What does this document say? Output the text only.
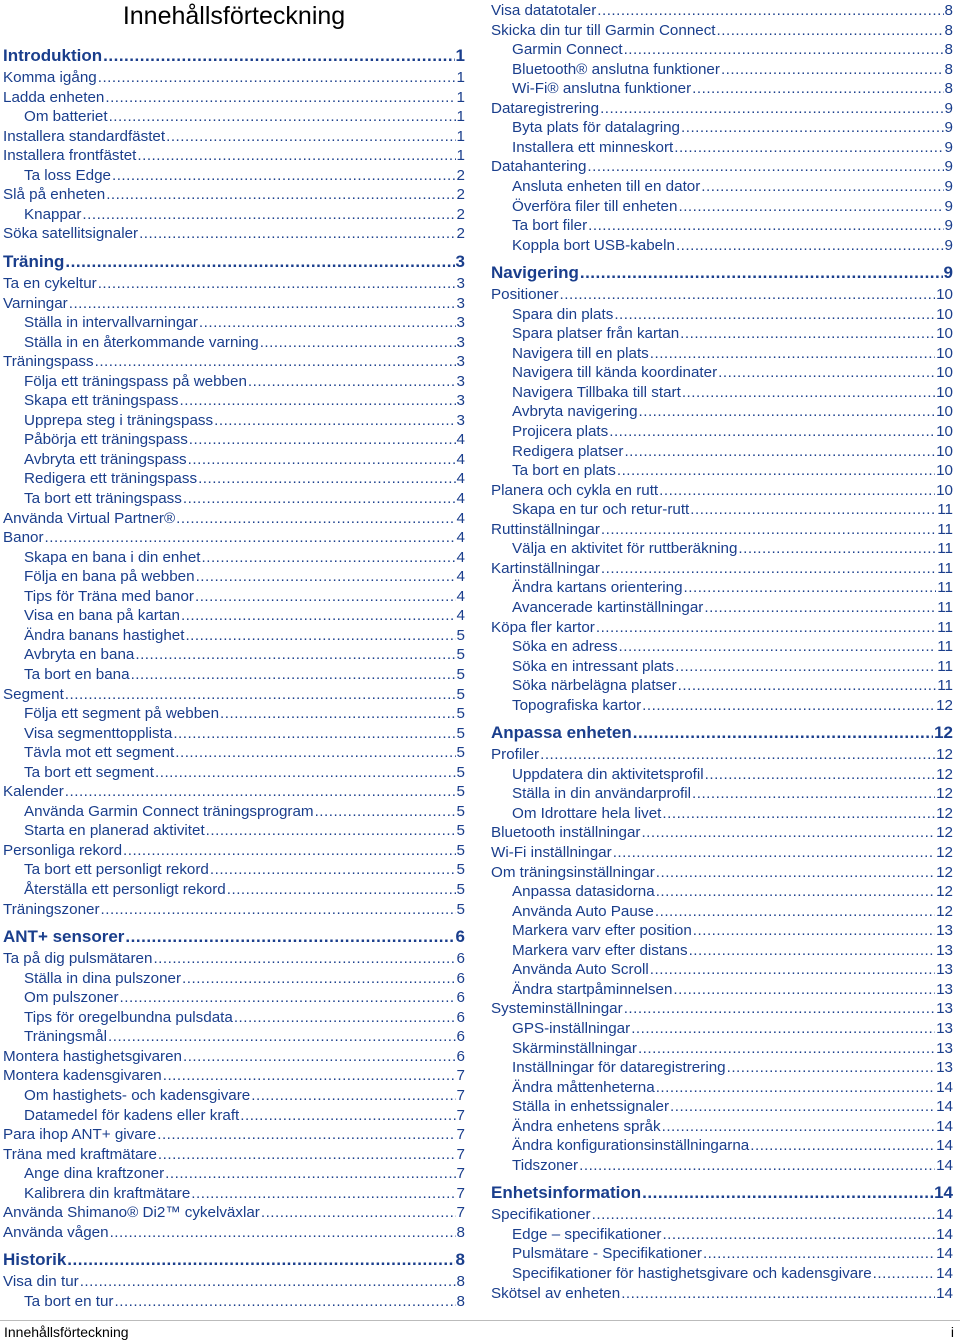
Innehållsförteckning
Introduktion .....	1
Komma igång .....	1
Ladda enheten .....	1
Om batteriet .....	1
Installera standardfästet .....	1
Installera frontfästet .....	1
Ta loss Edge .....	2
Slå på enheten .....	2
Knappar .....	2
Söka satellitsignaler .....	2
Träning .....	3
Ta en cykeltur .....	3
Varningar .....	3
Ställa in intervallvarningar .....	3
Ställa in en återkommande varning .....	3
Träningspass .....	3
Följa ett träningspass på webben .....	3
Skapa ett träningspass .....	3
Upprepa steg i träningspass .....	3
Påbörja ett träningspass .....	4
Avbryta ett träningspass .....	4
Redigera ett träningspass .....	4
Ta bort ett träningspass .....	4
Använda Virtual Partner® .....	4
Banor .....	4
Skapa en bana i din enhet .....	4
Följa en bana på webben .....	4
Tips för Träna med banor .....	4
Visa en bana på kartan .....	4
Ändra banans hastighet .....	5
Avbryta en bana .....	5
Ta bort en bana .....	5
Segment .....	5
Följa ett segment på webben .....	5
Visa segmenttopplista .....	5
Tävla mot ett segment .....	5
Ta bort ett segment .....	5
Kalender .....	5
Använda Garmin Connect träningsprogram .....	5
Starta en planerad aktivitet .....	5
Personliga rekord .....	5
Ta bort ett personligt rekord .....	5
Återställa ett personligt rekord .....	5
Träningszoner .....	5
ANT+ sensorer .....	6
Ta på dig pulsmätaren .....	6
Ställa in dina pulszoner .....	6
Om pulszoner .....	6
Tips för oregelbundna pulsdata .....	6
Träningsmål .....	6
Montera hastighetsgivaren .....	6
Montera kadensgivaren .....	7
Om hastighets- och kadensgivare .....	7
Datamedel för kadens eller kraft .....	7
Para ihop ANT+ givare .....	7
Träna med kraftmätare .....	7
Ange dina kraftzoner .....	7
Kalibrera din kraftmätare .....	7
Använda Shimano® Di2™ cykelväxlar .....	7
Använda vågen .....	8
Historik .....	8
Visa din tur .....	8
Ta bort en tur .....	8
Visa datatotaler .....	8
Skicka din tur till Garmin Connect .....	8
Garmin Connect .....	8
Bluetooth® anslutna funktioner .....	8
Wi‑Fi® anslutna funktioner .....	8
Dataregistrering .....	9
Byta plats för datalagring .....	9
Installera ett minneskort .....	9
Datahantering .....	9
Ansluta enheten till en dator .....	9
Överföra filer till enheten .....	9
Ta bort filer .....	9
Koppla bort USB-kabeln .....	9
Navigering .....	9
Positioner .....	10
Spara din plats .....	10
Spara platser från kartan .....	10
Navigera till en plats .....	10
Navigera till kända koordinater .....	10
Navigera Tillbaka till start .....	10
Avbryta navigering .....	10
Projicera plats .....	10
Redigera platser .....	10
Ta bort en plats .....	10
Planera och cykla en rutt .....	10
Skapa en tur och retur-rutt .....	11
Ruttinställningar .....	11
Välja en aktivitet för ruttberäkning .....	11
Kartinställningar .....	11
Ändra kartans orientering .....	11
Avancerade kartinställningar .....	11
Köpa fler kartor .....	11
Söka en adress .....	11
Söka en intressant plats .....	11
Söka närbelägna platser .....	11
Topografiska kartor .....	12
Anpassa enheten .....	12
Profiler .....	12
Uppdatera din aktivitetsprofil .....	12
Ställa in din användarprofil .....	12
Om Idrottare hela livet .....	12
Bluetooth inställningar .....	12
Wi-Fi inställningar .....	12
Om träningsinställningar .....	12
Anpassa datasidorna .....	12
Använda Auto Pause .....	12
Markera varv efter position .....	13
Markera varv efter distans .....	13
Använda Auto Scroll .....	13
Ändra startpåminnelsen .....	13
Systeminställningar .....	13
GPS-inställningar .....	13
Skärminställningar .....	13
Inställningar för dataregistrering .....	13
Ändra måttenheterna .....	14
Ställa in enhetssignaler .....	14
Ändra enhetens språk .....	14
Ändra konfigurationsinställningarna .....	14
Tidszoner .....	14
Enhetsinformation .....	14
Specifikationer .....	14
Edge – specifikationer .....	14
Pulsmätare - Specifikationer .....	14
Specifikationer för hastighetsgivare och kadensgivare .....	14
Skötsel av enheten .....	14
Innehållsförteckning	i
